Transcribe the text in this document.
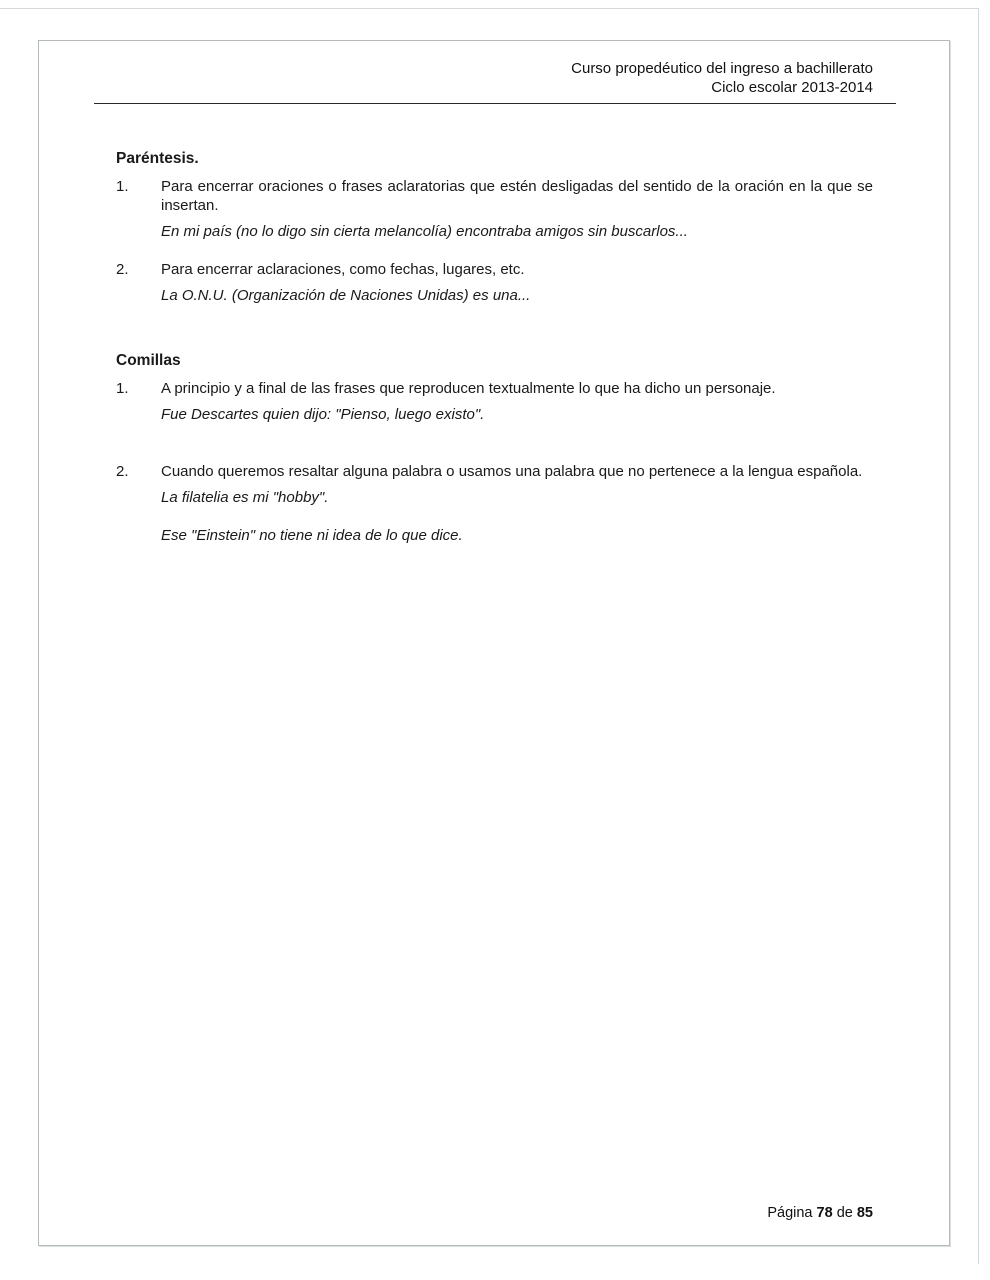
Curso propedéutico del ingreso a bachillerato
Ciclo escolar 2013-2014
Paréntesis.
1.	Para encerrar oraciones o frases aclaratorias que estén desligadas del sentido de la oración en la que se insertan.
En mi país (no lo digo sin cierta melancolía) encontraba amigos sin buscarlos...
2.	Para encerrar aclaraciones, como fechas, lugares, etc.
La O.N.U. (Organización de Naciones Unidas) es una...
Comillas
1.	A principio y a final de las frases que reproducen textualmente lo que ha dicho un personaje.
Fue Descartes quien dijo: "Pienso, luego existo".
2.	Cuando queremos resaltar alguna palabra o usamos una palabra que no pertenece a la lengua española.
La filatelia es mi "hobby".
Ese "Einstein" no tiene ni idea de lo que dice.
Página 78 de 85
